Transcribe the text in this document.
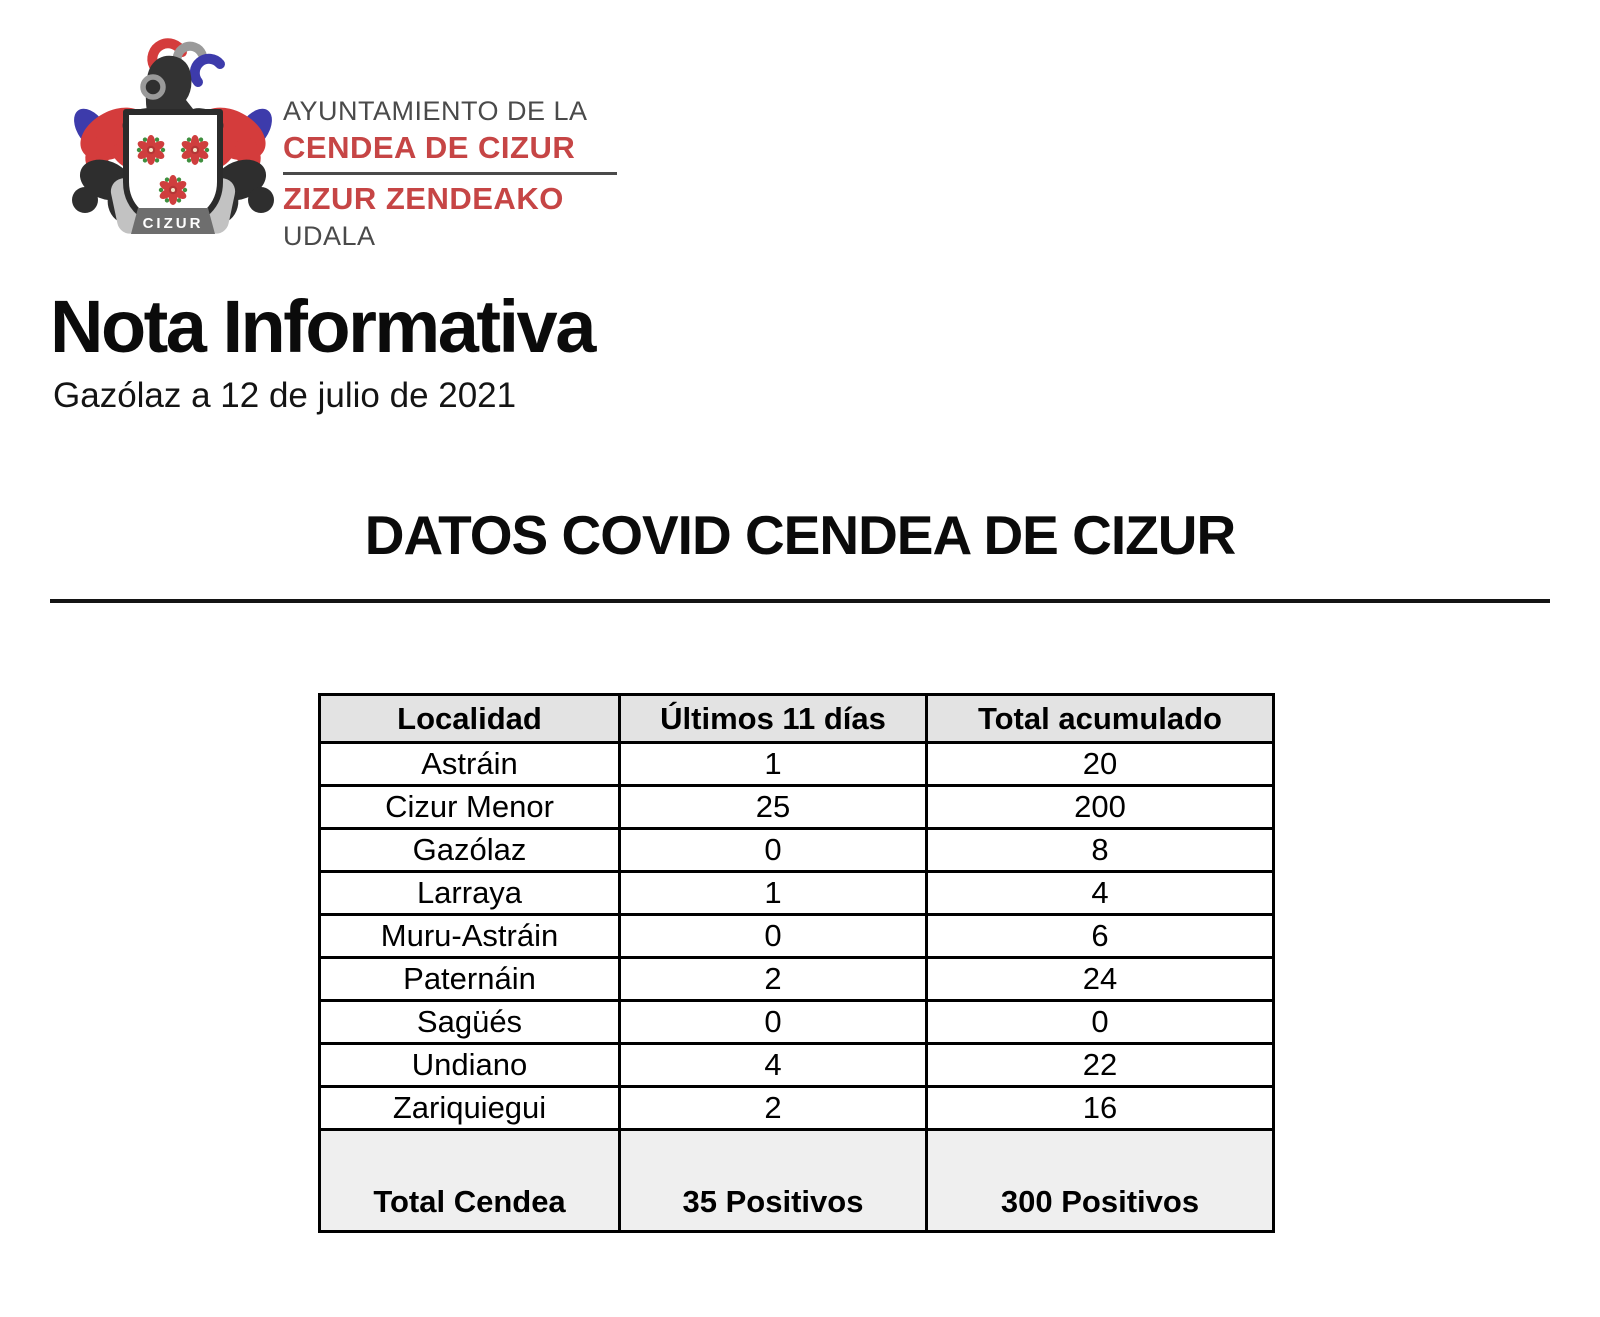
CIZUR
AYUNTAMIENTO DE LA
CENDEA DE CIZUR
ZIZUR ZENDEAKO
UDALA
Nota Informativa
Gazólaz a 12 de julio de 2021
DATOS COVID CENDEA DE CIZUR
Localidad	Últimos 11 días	Total acumulado
Astráin	1	20
Cizur Menor	25	200
Gazólaz	0	8
Larraya	1	4
Muru-Astráin	0	6
Paternáin	2	24
Sagüés	0	0
Undiano	4	22
Zariquiegui	2	16
Total Cendea	35 Positivos	300 Positivos
